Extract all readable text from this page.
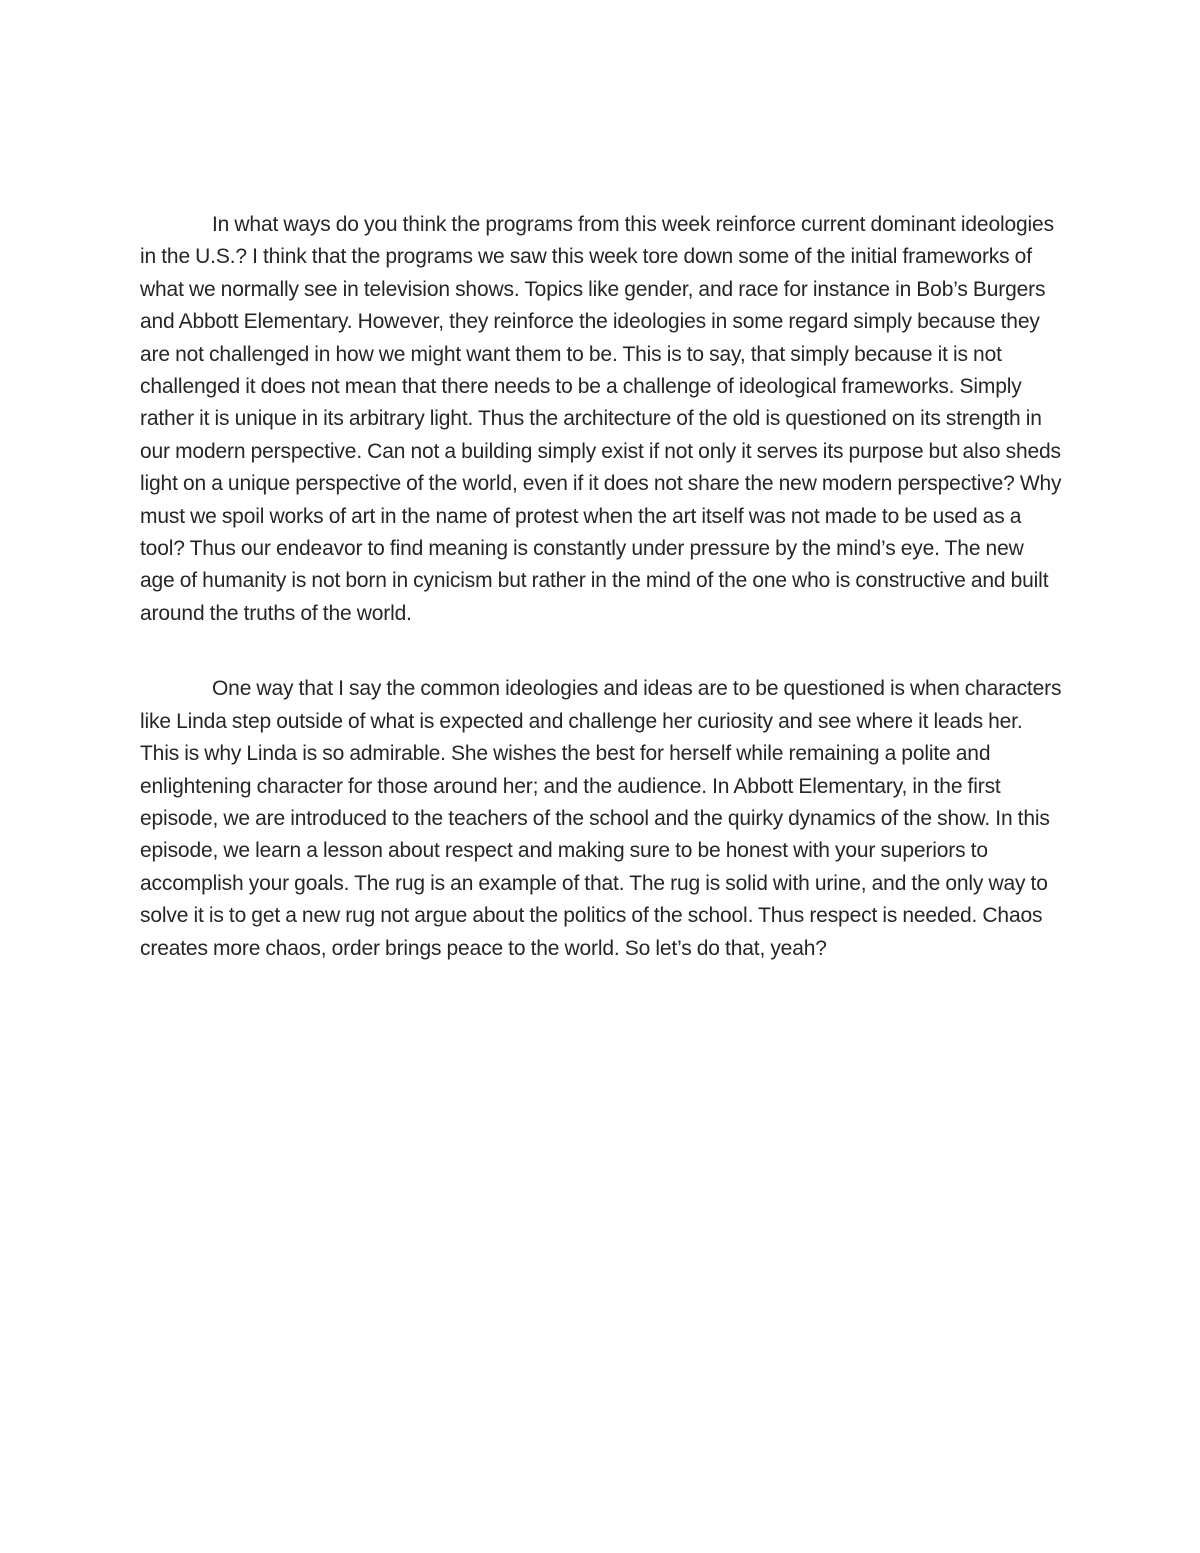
In what ways do you think the programs from this week reinforce current dominant ideologies in the U.S.? I think that the programs we saw this week tore down some of the initial frameworks of what we normally see in television shows. Topics like gender, and race for instance in Bob’s Burgers and Abbott Elementary. However, they reinforce the ideologies in some regard simply because they are not challenged in how we might want them to be. This is to say, that simply because it is not challenged it does not mean that there needs to be a challenge of ideological frameworks. Simply rather it is unique in its arbitrary light. Thus the architecture of the old is questioned on its strength in our modern perspective. Can not a building simply exist if not only it serves its purpose but also sheds light on a unique perspective of the world, even if it does not share the new modern perspective? Why must we spoil works of art in the name of protest when the art itself was not made to be used as a tool? Thus our endeavor to find meaning is constantly under pressure by the mind’s eye. The new age of humanity is not born in cynicism but rather in the mind of the one who is constructive and built around the truths of the world.

One way that I say the common ideologies and ideas are to be questioned is when characters like Linda step outside of what is expected and challenge her curiosity and see where it leads her. This is why Linda is so admirable. She wishes the best for herself while remaining a polite and enlightening character for those around her; and the audience. In Abbott Elementary, in the first episode, we are introduced to the teachers of the school and the quirky dynamics of the show. In this episode, we learn a lesson about respect and making sure to be honest with your superiors to accomplish your goals. The rug is an example of that. The rug is solid with urine, and the only way to solve it is to get a new rug not argue about the politics of the school. Thus respect is needed. Chaos creates more chaos, order brings peace to the world. So let’s do that, yeah?
